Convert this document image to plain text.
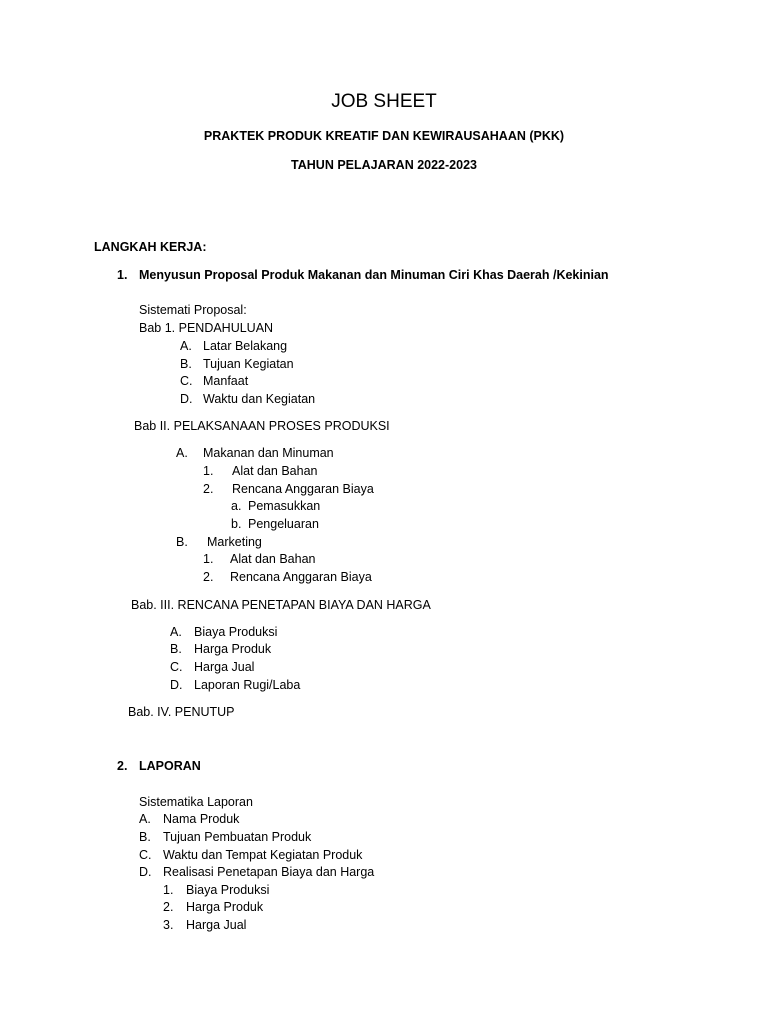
JOB SHEET
PRAKTEK PRODUK KREATIF DAN KEWIRAUSAHAAN (PKK)
TAHUN PELAJARAN 2022-2023
LANGKAH KERJA:
1. Menyusun Proposal Produk Makanan dan Minuman Ciri Khas Daerah /Kekinian
Sistemati Proposal:
Bab 1. PENDAHULUAN
A. Latar Belakang
B. Tujuan Kegiatan
C. Manfaat
D. Waktu dan Kegiatan
Bab II. PELAKSANAAN PROSES PRODUKSI
A. Makanan dan Minuman
1. Alat dan Bahan
2. Rencana Anggaran Biaya
a. Pemasukkan
b. Pengeluaran
B. Marketing
1. Alat dan Bahan
2. Rencana Anggaran Biaya
Bab. III. RENCANA PENETAPAN BIAYA DAN HARGA
A. Biaya Produksi
B. Harga Produk
C. Harga Jual
D. Laporan Rugi/Laba
Bab. IV. PENUTUP
2. LAPORAN
Sistematika Laporan
A. Nama Produk
B. Tujuan Pembuatan Produk
C. Waktu dan Tempat Kegiatan Produk
D. Realisasi Penetapan Biaya dan Harga
1. Biaya Produksi
2. Harga Produk
3. Harga Jual
